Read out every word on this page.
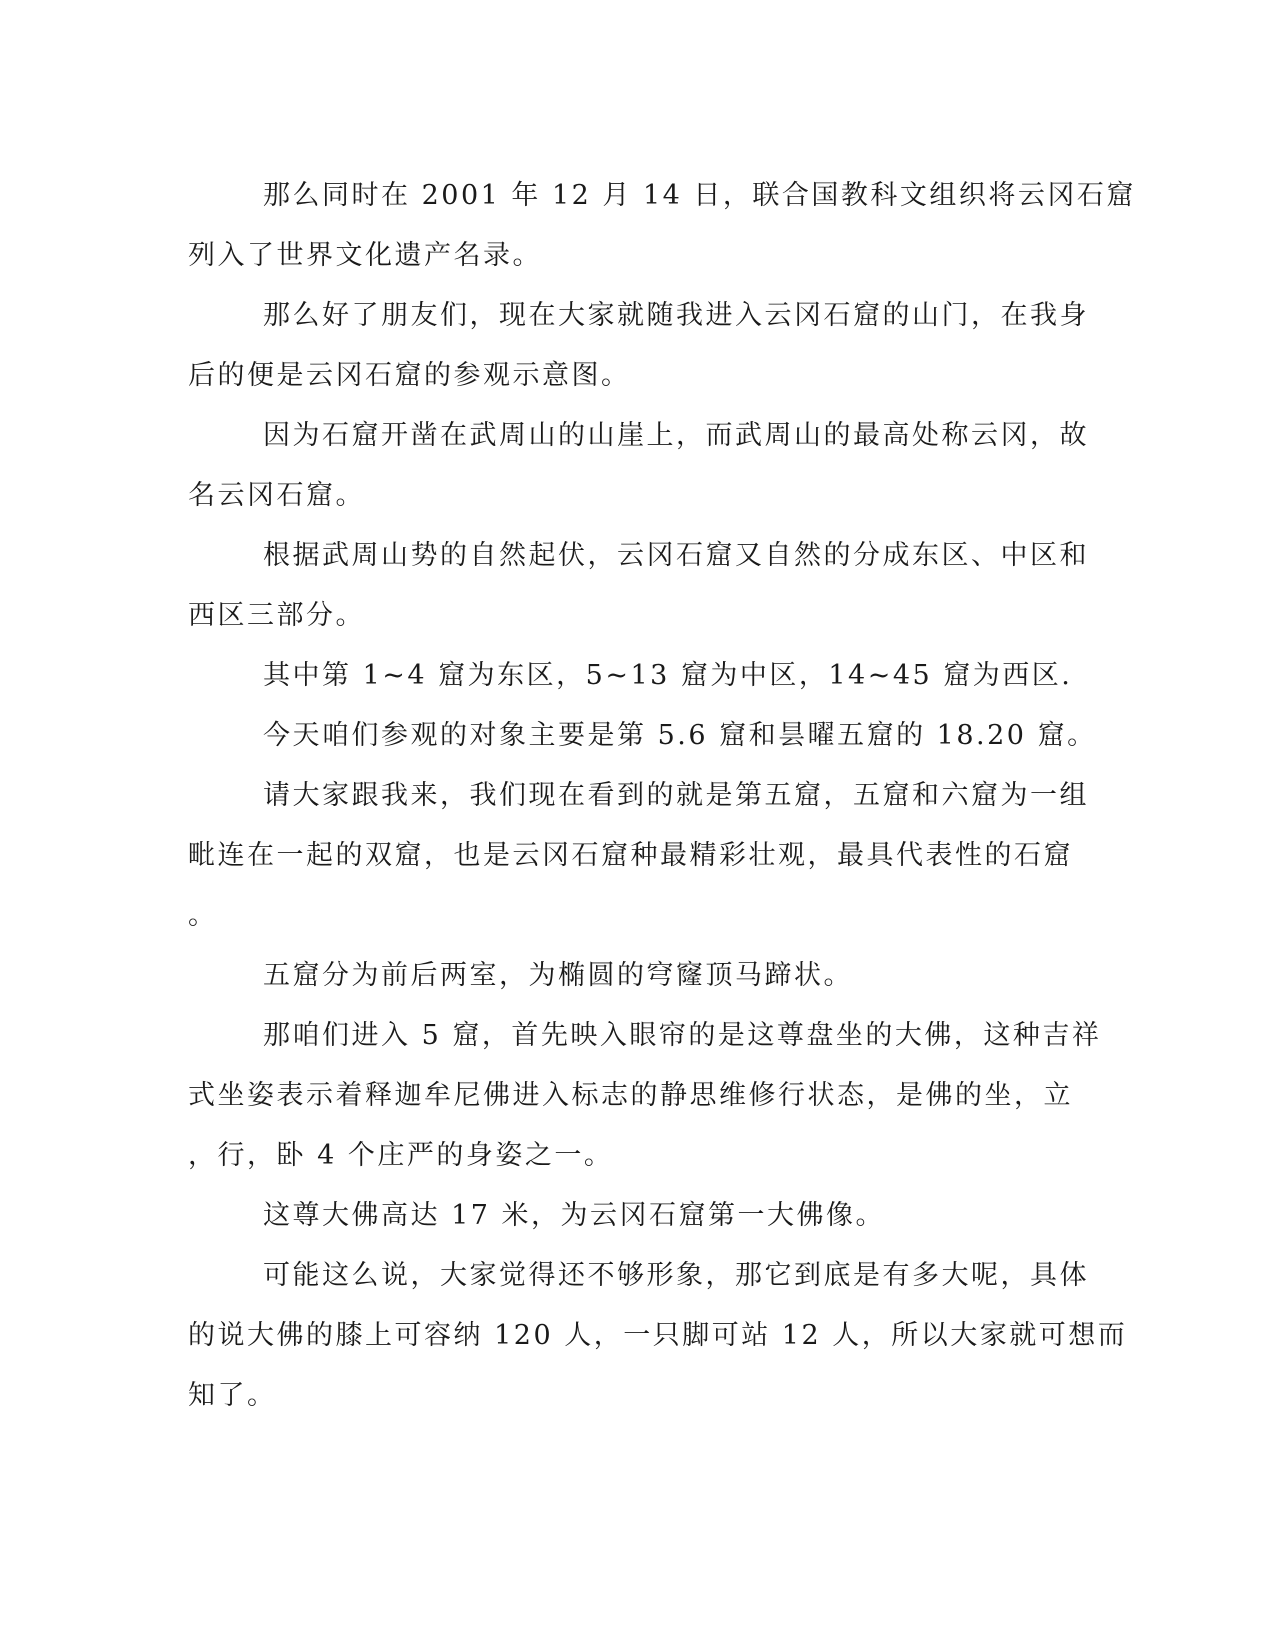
那么同时在 2001 年 12 月 14 日，联合国教科文组织将云冈石窟
列入了世界文化遗产名录。
那么好了朋友们，现在大家就随我进入云冈石窟的山门，在我身
后的便是云冈石窟的参观示意图。
因为石窟开凿在武周山的山崖上，而武周山的最高处称云冈，故
名云冈石窟。
根据武周山势的自然起伏，云冈石窟又自然的分成东区、中区和
西区三部分。
其中第 1~4 窟为东区，5~13 窟为中区，14~45 窟为西区.
今天咱们参观的对象主要是第 5.6 窟和昙曜五窟的 18.20 窟。
请大家跟我来，我们现在看到的就是第五窟，五窟和六窟为一组
毗连在一起的双窟，也是云冈石窟种最精彩壮观，最具代表性的石窟
。
五窟分为前后两室，为椭圆的穹窿顶马蹄状。
那咱们进入 5 窟，首先映入眼帘的是这尊盘坐的大佛，这种吉祥
式坐姿表示着释迦牟尼佛进入标志的静思维修行状态，是佛的坐，立
，行，卧 4 个庄严的身姿之一。
这尊大佛高达 17 米，为云冈石窟第一大佛像。
可能这么说，大家觉得还不够形象，那它到底是有多大呢，具体
的说大佛的膝上可容纳 120 人，一只脚可站 12 人，所以大家就可想而
知了。
